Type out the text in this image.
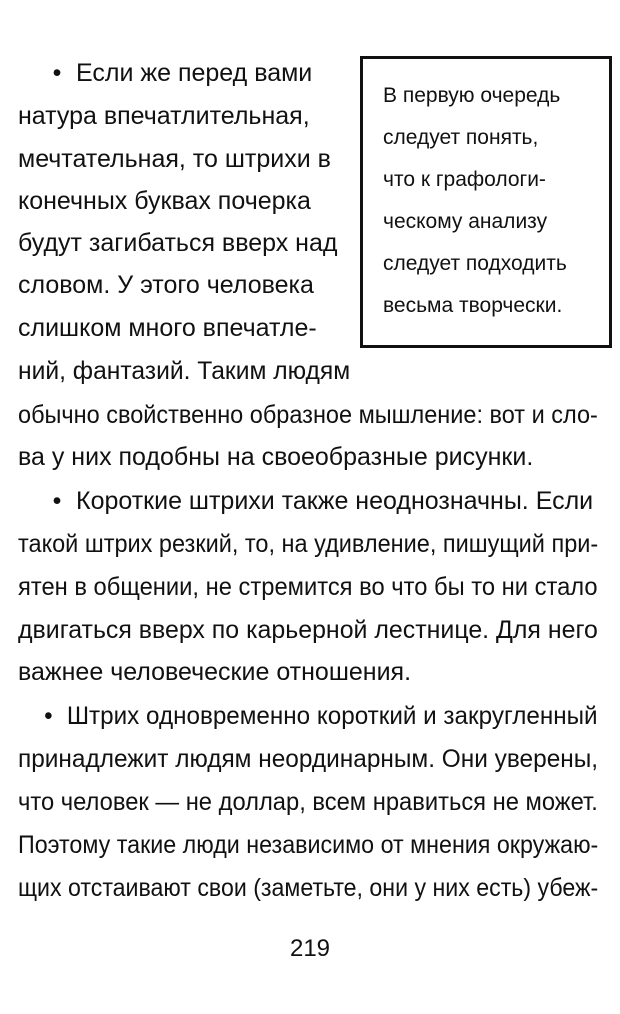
В первую очередь
следует понять,
что к графологи-
ческому анализу
следует подходить
весьма творчески.
• Если же перед вами
натура впечатлительная,
мечтательная, то штрихи в
конечных буквах почерка
будут загибаться вверх над
словом. У этого человека
слишком много впечатле-
ний, фантазий. Таким людям
обычно свойственно образное мышление: вот и сло-
ва у них подобны на своеобразные рисунки.
• Короткие штрихи также неоднозначны. Если
такой штрих резкий, то, на удивление, пишущий при-
ятен в общении, не стремится во что бы то ни стало
двигаться вверх по карьерной лестнице. Для него
важнее человеческие отношения.
• Штрих одновременно короткий и закругленный
принадлежит людям неординарным. Они уверены,
что человек — не доллар, всем нравиться не может.
Поэтому такие люди независимо от мнения окружаю-
щих отстаивают свои (заметьте, они у них есть) убеж-
219
